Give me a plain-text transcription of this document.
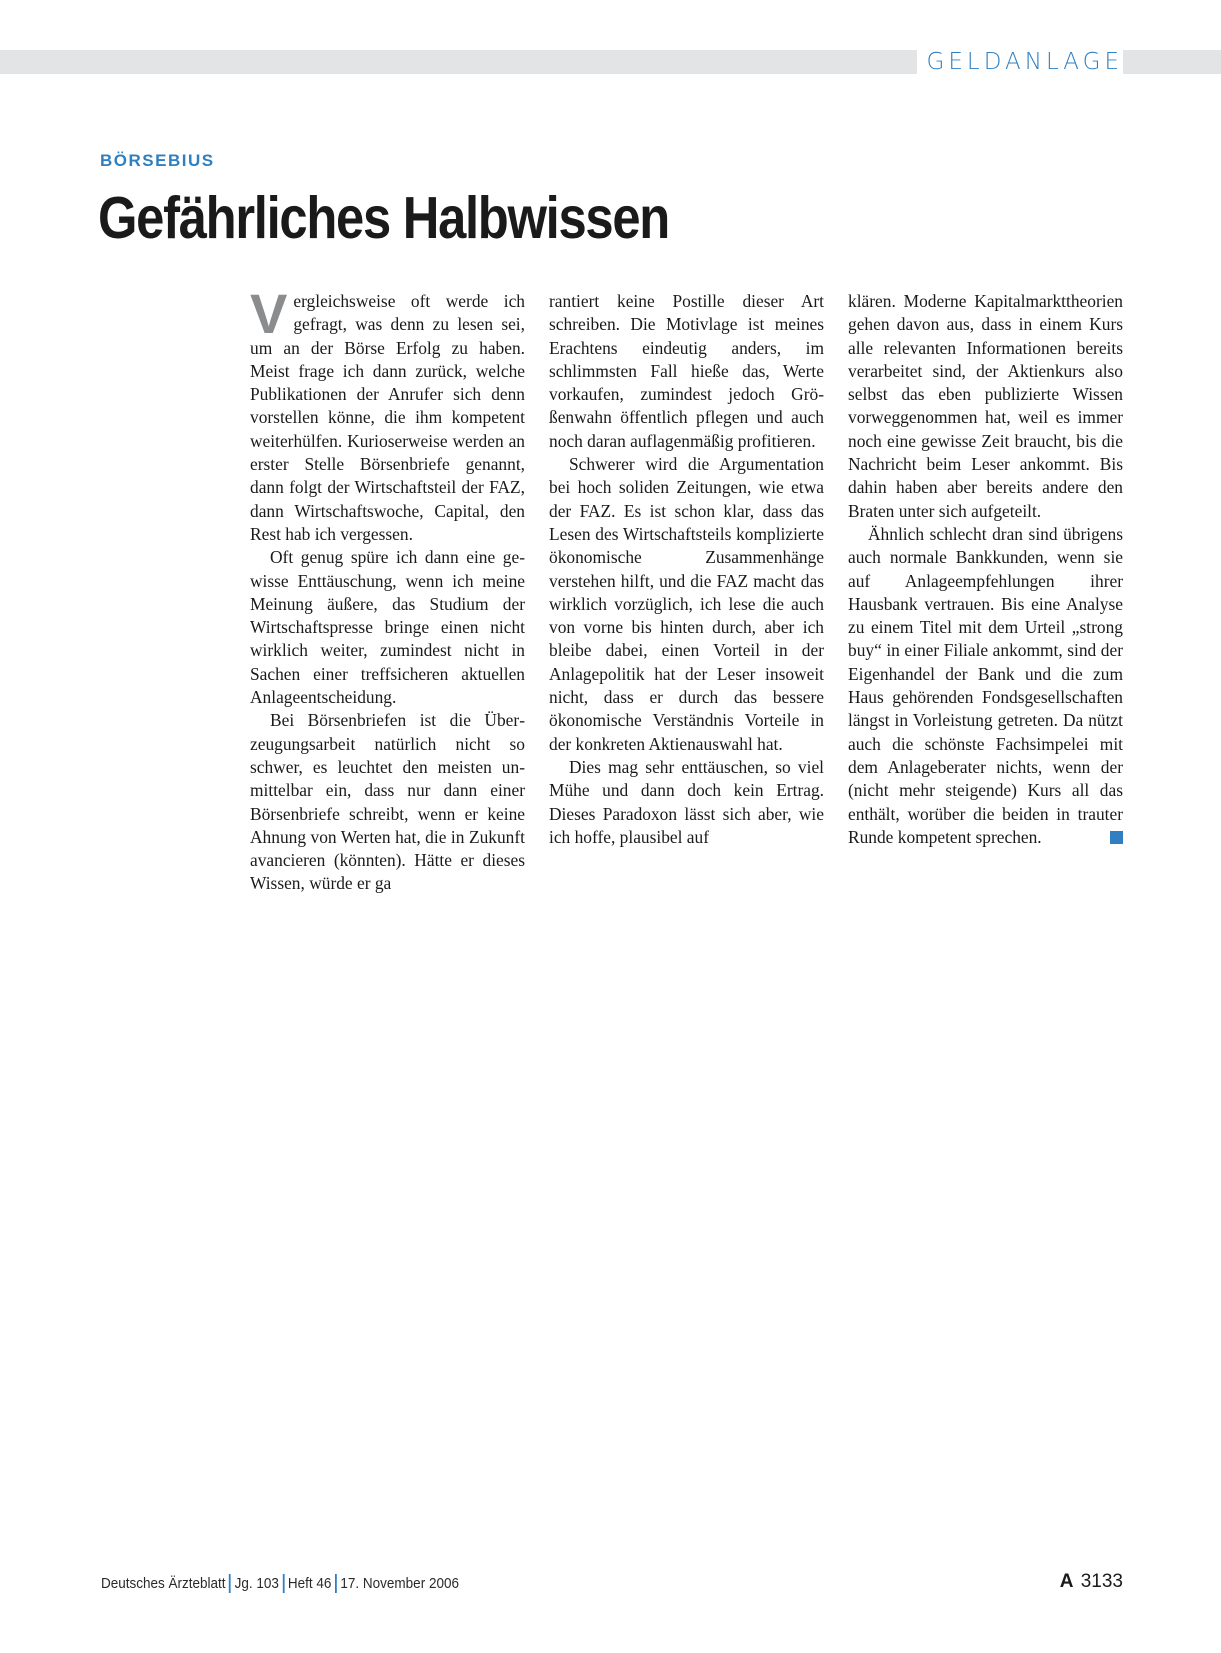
GELDANLAGE
BÖRSEBIUS
Gefährliches Halbwissen

Vergleichsweise oft werde ich gefragt, was denn zu lesen sei, um an der Börse Erfolg zu haben. Meist frage ich dann zurück, welche Publikationen der Anrufer sich denn vorstellen könne, die ihm kompetent weiterhülfen. Kurioserweise werden an erster Stelle Börsenbriefe genannt, dann folgt der Wirtschaftsteil der FAZ, dann Wirtschaftswoche, Capital, den Rest hab ich vergessen.

Oft genug spüre ich dann eine gewisse Enttäuschung, wenn ich meine Meinung äußere, das Studium der Wirtschaftspresse bringe einen nicht wirklich weiter, zumindest nicht in Sachen einer treffsicheren aktuellen Anlageentscheidung.

Bei Börsenbriefen ist die Überzeugungsarbeit natürlich nicht so schwer, es leuchtet den meisten unmittelbar ein, dass nur dann einer Börsenbriefe schreibt, wenn er keine Ahnung von Werten hat, die in Zukunft avancieren (könnten). Hätte er dieses Wissen, würde er ga

rantiert keine Postille dieser Art schreiben. Die Motivlage ist meines Erachtens eindeutig anders, im schlimmsten Fall hieße das, Werte vorkaufen, zumindest jedoch Größenwahn öffentlich pflegen und auch noch daran auflagenmäßig profitieren.

Schwerer wird die Argumentation bei hoch soliden Zeitungen, wie etwa der FAZ. Es ist schon klar, dass das Lesen des Wirtschaftsteils komplizierte ökonomische Zusammenhänge verstehen hilft, und die FAZ macht das wirklich vorzüglich, ich lese die auch von vorne bis hinten durch, aber ich bleibe dabei, einen Vorteil in der Anlagepolitik hat der Leser insoweit nicht, dass er durch das bessere ökonomische Verständnis Vorteile in der konkreten Aktienauswahl hat.

Dies mag sehr enttäuschen, so viel Mühe und dann doch kein Ertrag. Dieses Paradoxon lässt sich aber, wie ich hoffe, plausibel auf

klären. Moderne Kapitalmarkttheorien gehen davon aus, dass in einem Kurs alle relevanten Informationen bereits verarbeitet sind, der Aktienkurs also selbst das eben publizierte Wissen vorweggenommen hat, weil es immer noch eine gewisse Zeit braucht, bis die Nachricht beim Leser ankommt. Bis dahin haben aber bereits andere den Braten unter sich aufgeteilt.

Ähnlich schlecht dran sind übrigens auch normale Bankkunden, wenn sie auf Anlageempfehlungen ihrer Hausbank vertrauen. Bis eine Analyse zu einem Titel mit dem Urteil „strong buy“ in einer Filiale ankommt, sind der Eigenhandel der Bank und die zum Haus gehörenden Fondsgesellschaften längst in Vorleistung getreten. Da nützt auch die schönste Fachsimpelei mit dem Anlageberater nichts, wenn der (nicht mehr steigende) Kurs all das enthält, worüber die beiden in trauter Runde kompetent sprechen.

Deutsches Ärzteblatt Jg. 103 Heft 46 17. November 2006	A 3133
